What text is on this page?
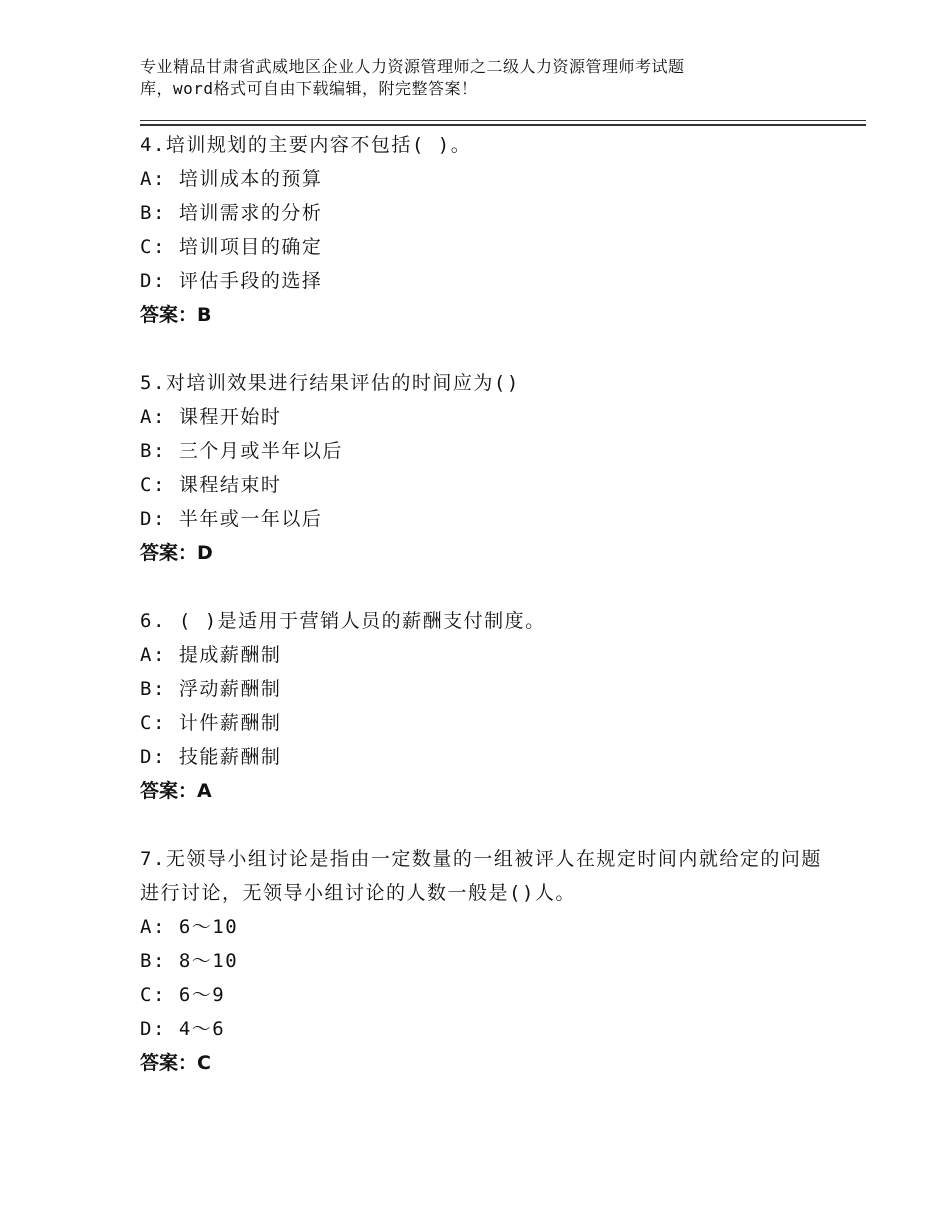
专业精品甘肃省武威地区企业人力资源管理师之二级人力资源管理师考试题
库，word格式可自由下载编辑，附完整答案！
4.培训规划的主要内容不包括( )。
A: 培训成本的预算
B: 培训需求的分析
C: 培训项目的确定
D: 评估手段的选择
答案：B
5.对培训效果进行结果评估的时间应为()
A: 课程开始时
B: 三个月或半年以后
C: 课程结束时
D: 半年或一年以后
答案：D
6. ( )是适用于营销人员的薪酬支付制度。
A: 提成薪酬制
B: 浮动薪酬制
C: 计件薪酬制
D: 技能薪酬制
答案：A
7.无领导小组讨论是指由一定数量的一组被评人在规定时间内就给定的问题进行讨论，无领导小组讨论的人数一般是()人。
A: 6～10
B: 8～10
C: 6～9
D: 4～6
答案：C
